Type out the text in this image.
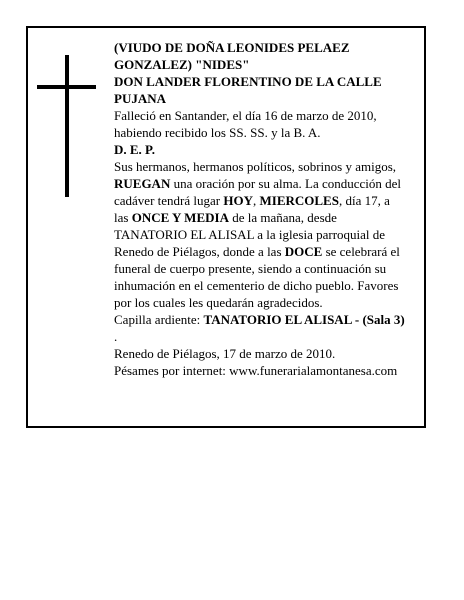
(VIUDO DE DOÑA LEONIDES PELAEZ

GONZALEZ) "NIDES"

DON LANDER FLORENTINO DE LA CALLE

PUJANA

Falleció en Santander, el día 16 de marzo de 2010,

habiendo recibido los SS. SS. y la B. A.

D. E. P.

Sus hermanos, hermanos políticos, sobrinos y amigos,

RUEGAN una oración por su alma. La conducción del

cadáver tendrá lugar HOY, MIERCOLES, día 17, a

las ONCE Y MEDIA de la mañana, desde

TANATORIO EL ALISAL a la iglesia parroquial de

Renedo de Piélagos, donde a las DOCE se celebrará el

funeral de cuerpo presente, siendo a continuación su

inhumación en el cementerio de dicho pueblo. Favores

por los cuales les quedarán agradecidos.

Capilla ardiente: TANATORIO EL ALISAL - (Sala 3)

.

Renedo de Piélagos, 17 de marzo de 2010.

Pésames por internet: www.funerarialamontanesa.com
